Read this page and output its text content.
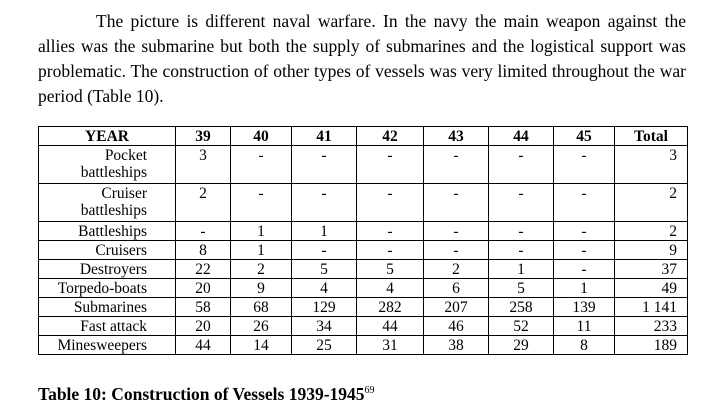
The picture is different naval warfare. In the navy the main weapon against the allies was the submarine but both the supply of submarines and the logistical support was problematic. The construction of other types of vessels was very limited throughout the war period (Table 10).

YEAR	39	40	41	42	43	44	45	Total
Pocket battleships	3	-	-	-	-	-	-	3
Cruiser battleships	2	-	-	-	-	-	-	2
Battleships	-	1	1	-	-	-	-	2
Cruisers	8	1	-	-	-	-	-	9
Destroyers	22	2	5	5	2	1	-	37
Torpedo-boats	20	9	4	4	6	5	1	49
Submarines	58	68	129	282	207	258	139	1 141
Fast attack	20	26	34	44	46	52	11	233
Minesweepers	44	14	25	31	38	29	8	189
Table 10: Construction of Vessels 1939-1945$^{69}$
